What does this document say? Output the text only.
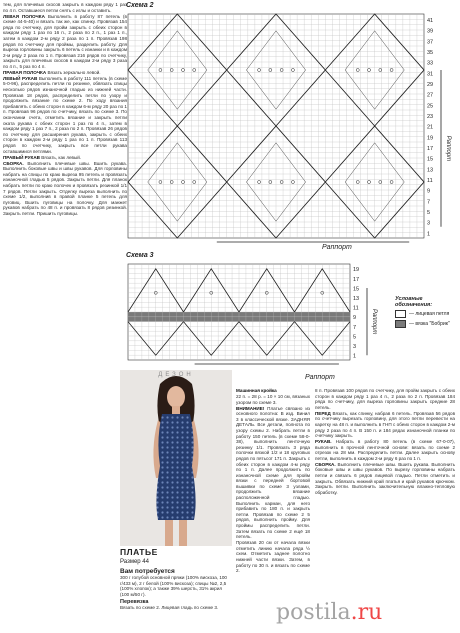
тем, для плечевых скосов закрыть в каждом ряду 1 раз по 4 п. Оставшиеся петли снять с иглы и оставить.

ЛЕВАЯ ПОЛОЧКА Выполнить в работу 87 петель (в схеме 44-5-40) и вязать так же, как спинку. Провязав 154 ряда по счетчику, для пройм закрыть с обеих сторон в каждом ряду 1 раз по 16 п., 2 раза по 2 п., 1 раз 1 п., затем в каждом 2-м ряду 2 раза по 1 п. Провязав 198 рядов по счетчику для проймы, разделить работу. Для выреза горловины закрыть 6 петель с изнанки и в каждом 2-м ряду 2 раза по 1 п. Провязав 216 рядов по счетчику, закрыть для плечевых скосов в каждом 2-м ряду 3 раза по 4 п., 5 раз по 4 п.

ПРАВАЯ ПОЛОЧКА Вязать зеркально левой.

ЛЕВЫЙ РУКАВ Выполнить в работу 111 петель (в схеме 5-0-96), распределить петли по резинке, обвязать спицы несколько рядов изнаночной гладью из нижней части. Провязав 18 рядов, распределить петли по узору и продолжить вязание по схеме 2. По ходу вязания прибавлять с обеих сторон в каждом 6-м ряду 20 раз по 1 п. Провязав 96 рядов по счетчику, вязать по схеме 3. По окончании счета, отметить вязание и закрыть петли оката рукава с обеих сторон 1 раз по 4 п., затем в каждом ряду 1 раз 7 п., 2 раза по 2 п. Провязав 26 рядов по счетчику для расширения рукава, закрыть с обеих сторон в каждом 2-м ряду 1 раз по 1 п. Провязав 113 рядов по счетчику, закрыть все петли рукава оставшимися петлями.

ПРАВЫЙ РУКАВ Вязать, как левый.

СБОРКА. Выполнить плечевые швы. Вшить рукава. Выполнить боковые швы и швы рукавов. Для горловины набрать на спицы по краю выреза 95 петель и провязать изнаночной гладью 5 рядов. Закрыть петли. Для планок набрать петли по краю полочек и провязать резинкой 1/1 7 рядов. Петли закрыть. Отделку выреза выполнить по схеме 1/2, выполнив в правой планке 5 петель для пуговиц. Вшить пуговицы на полочку. Для манжет рукавов набрать по 48 п. и провязать 8 рядов резинкой. Закрыть петли. Пришить пуговицы.

Схема 2
41
39
37
35
33
31
29
27
25
23
21
19
17
15
13
11
9
7
5
3
1
Раппорт
Раппорт
Схема 3
19
17
15
13
11
9
7
5
3
1
Раппорт
Раппорт
Условные обозначения:
— лицевая петля
— вязка "Бобрик"
ДЕЗОН
ПЛАТЬЕ
Размер 44
Вам потребуется
300 г голубой основной пряжи (100% вискоза, 100 г/433 м), 2 г белой (100% вискоза); спицы №2, 2,5 (100% хлопок); а также 39% шерсть, 31% акрил (100 м/50 г).
Перевязка
Вязать по схеме 2. Лицевая гладь по схеме 3.

Машинная кройка

22 п. = 28 р. = 10 × 10 см, вязаных узором по схеме 3.

ВНИМАНИЕ! Платье связано из основного полотна: В изд. Винил 3 в классической вязке. ЗАДНЯЯ ДЕТАЛЬ. Все детали, полнота по узору схемы 2. Набрать петли в работу 150 петель (в схеме 58-0-38), выполнить ленточную резинку 1/1. Провязать 3 ряда полочки вязкой 1/2 и 18 круговых рядов по пятьсот 171 п. Закрыть с обеих сторон в каждом 4-м ряду по 1 п. Далее продолжить по изнаночной схеме для пройм вязки с передней бортовой вышивки по схеме 3 узлами, продолжить вязание расположенной гладью. Выполнить карман, для него прибавить по 180 п. и закрыть петли. Провязав по схеме 2 5 рядов, выполнить пройму. Для проймы распределить петли. Затем вязать по схеме 2 ещё 18 петель.

Провязав 20 см от начала вязки отметить линию начала ряда ½ схем. Отметить заднее полотно нижней части вязки. Затем, в работу по 30 п. и вязать по схеме 2.

8 п. Провязав 100 рядов по счетчику, для пройм закрыть с обеих сторон в каждом ряду 1 раз 4 п., 2 раза по 2 п. Провязав 184 ряда по счетчику, для выреза горловины закрыть средние 28 петель.

ПЕРЕД Вязать, как спинку, набрав 6 петель. Провязав 56 рядов по счетчику вырезать горловину, для этого петли перевести на каретку на 48 п. и выполнить в ГНП с обеих сторон в каждом 2-м ряду 2 раза по 4 п. В 150 п. и 184 рядах изнаночной планки по счетчику закрыть.

РУКАВ. Набрать в работу 80 петель (в схеме 67-0-07), выполнить в прочной ленточной основе: вязать по схеме 2 отрезок на 28 мм. Распределить петли. Далее закрыть основу петли, выполнить в каждом 2-м ряду 6 раз по 1 п.

СБОРКА. Выполнить плечевые швы. Вшить рукава. Выполнить боковые швы и швы рукавов. По вырезу горловины набрать петли и связать 6 рядов лицевой гладью. Петли отметить и закрыть. Обвязать нижний край платья и край рукавов крючком. Закрыть петли. Выполнить заключительную влажно-тепловую обработку.

postila.ru
